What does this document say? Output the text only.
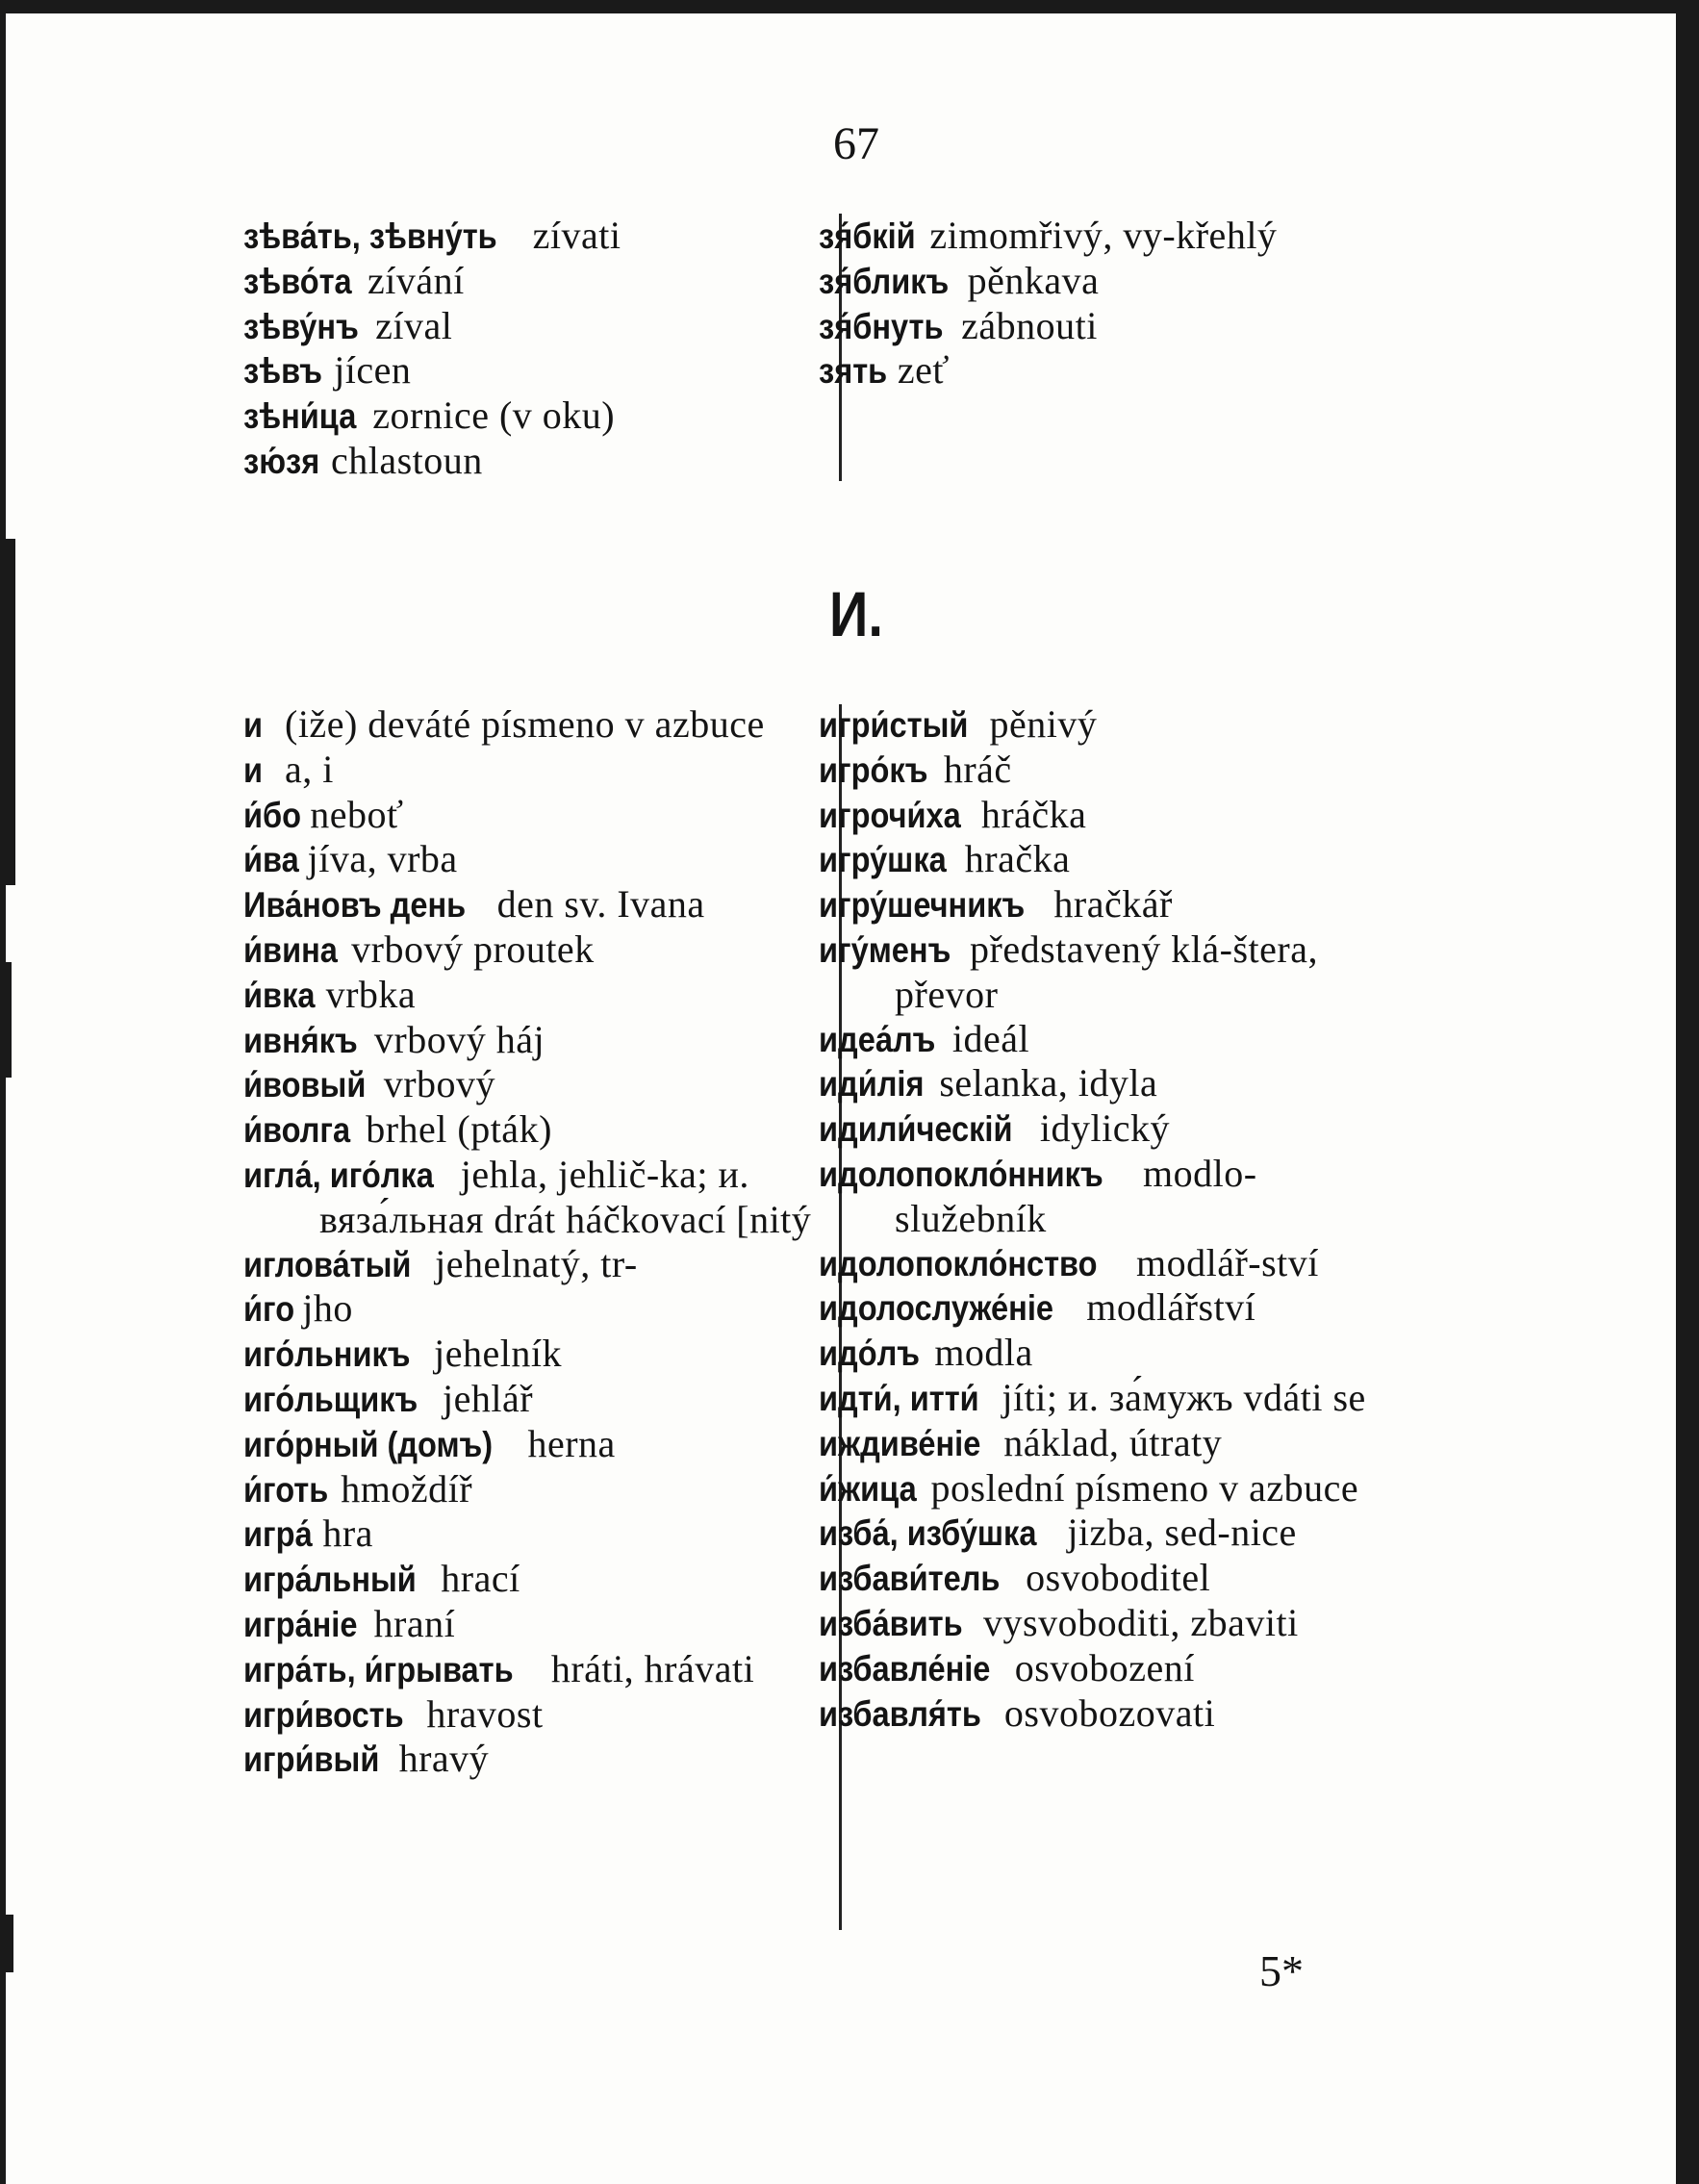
67
зѣва́ть, зѣвну́ть zívati
зѣво́та zívání
зѣву́нъ zíval
зѣвъ jícen
зѣни́ца zornice (v oku)
зю́зя chlastoun
зя́бкій zimomřivý, vy-křehlý
зя́бликъ pěnkava
зя́бнуть zábnouti
зять zeť
И.
и (iže) deváté písmeno v azbuce
и a, i
и́бо neboť
и́ва jíva, vrba
Ива́новъ день den sv. Ivana
и́вина vrbový proutek
и́вка vrbka
ивня́къ vrbový háj
и́вовый vrbový
и́волга brhel (pták)
игла́, иго́лка jehla, jehlič-ka; и. вяза́льная drát háčkovací [nitý
иглова́тый jehelnatý, tr-
и́го jho
иго́льникъ jehelník
иго́льщикъ jehlář
иго́рный (домъ) herna
и́готь hmoždíř
игра́ hra
игра́льный hrací
игра́ніе hraní
игра́ть, и́грывать hráti, hrávati
игри́вость hravost
игри́вый hravý
игри́стый pěnivý
игро́къ hráč
игрочи́ха hráčka
игру́шка hračka
игру́шечникъ hračkář
игу́менъ představený klá-štera, převor
идеа́лъ ideál
иди́лія selanka, idyla
идили́ческій idylický
идолопокло́нникъ modlo-služebník
идолопокло́нство modlář-ství
идолослуже́ніе modlářství
идо́лъ modla
идти́, итти́ jíti; и. за́мужъ vdáti se
иждиве́ніе náklad, útraty
и́жица poslední písmeno v azbuce
изба́, избу́шка jizba, sed-nice
избави́тель osvoboditel
изба́вить vysvoboditi, zbaviti
избавле́ніе osvobození
избавля́ть osvobozovati
5*
